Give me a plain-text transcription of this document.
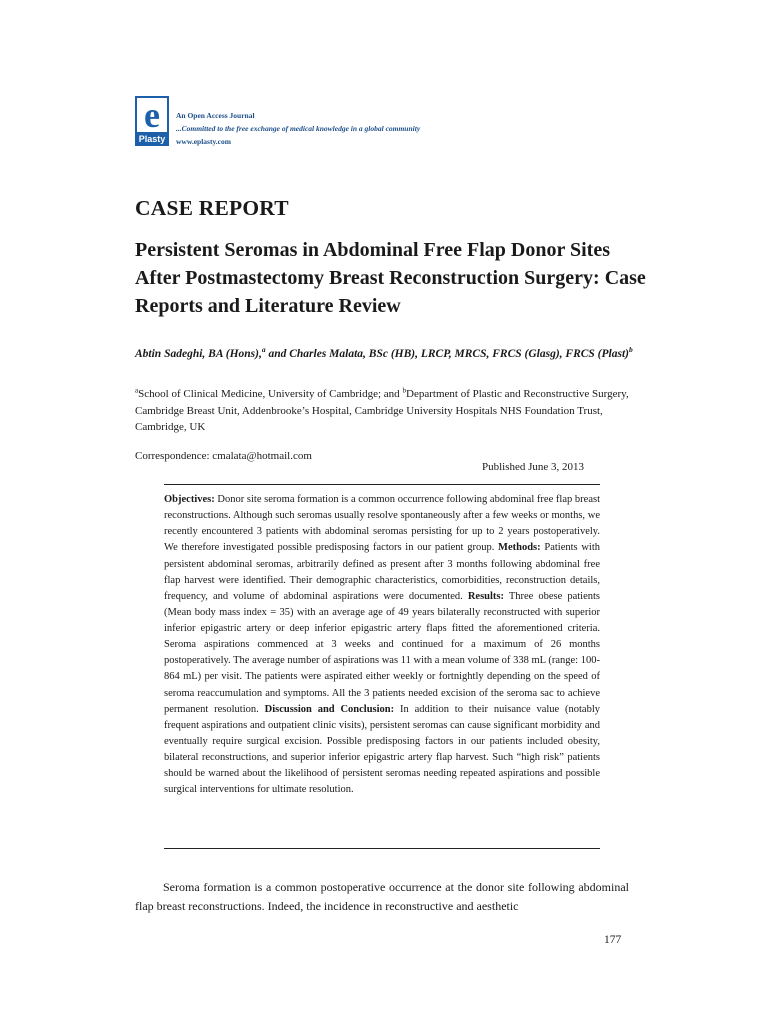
e
Plasty
An Open Access Journal
...Committed to the free exchange of medical knowledge in a global community
www.eplasty.com
CASE REPORT
Persistent Seromas in Abdominal Free Flap Donor Sites After Postmastectomy Breast Reconstruction Surgery: Case Reports and Literature Review
Abtin Sadeghi, BA (Hons),$^a$ and Charles Malata, BSc (HB), LRCP, MRCS, FRCS (Glasg), FRCS (Plast)$^b$
$^a$School of Clinical Medicine, University of Cambridge; and $^b$Department of Plastic and Reconstructive Surgery, Cambridge Breast Unit, Addenbrooke’s Hospital, Cambridge University Hospitals NHS Foundation Trust, Cambridge, UK
Correspondence: cmalata@hotmail.com
Published June 3, 2013
Objectives: Donor site seroma formation is a common occurrence following abdominal free flap breast reconstructions. Although such seromas usually resolve spontaneously after a few weeks or months, we recently encountered 3 patients with abdominal seromas persisting for up to 2 years postoperatively. We therefore investigated possible predisposing factors in our patient group. Methods: Patients with persistent abdominal seromas, arbitrarily defined as present after 3 months following abdominal free flap harvest were identified. Their demographic characteristics, comorbidities, reconstruction details, frequency, and volume of abdominal aspirations were documented. Results: Three obese patients (Mean body mass index = 35) with an average age of 49 years bilaterally reconstructed with superior inferior epigastric artery or deep inferior epigastric artery flaps fitted the aforementioned criteria. Seroma aspirations commenced at 3 weeks and continued for a maximum of 26 months postoperatively. The average number of aspirations was 11 with a mean volume of 338 mL (range: 100-864 mL) per visit. The patients were aspirated either weekly or fortnightly depending on the speed of seroma reaccumulation and symptoms. All the 3 patients needed excision of the seroma sac to achieve permanent resolution. Discussion and Conclusion: In addition to their nuisance value (notably frequent aspirations and outpatient clinic visits), persistent seromas can cause significant morbidity and eventually require surgical excision. Possible predisposing factors in our patients included obesity, bilateral reconstructions, and superior inferior epigastric artery flap harvest. Such “high risk” patients should be warned about the likelihood of persistent seromas needing repeated aspirations and possible surgical interventions for ultimate resolution.
Seroma formation is a common postoperative occurrence at the donor site following abdominal flap breast reconstructions. Indeed, the incidence in reconstructive and aesthetic
177
